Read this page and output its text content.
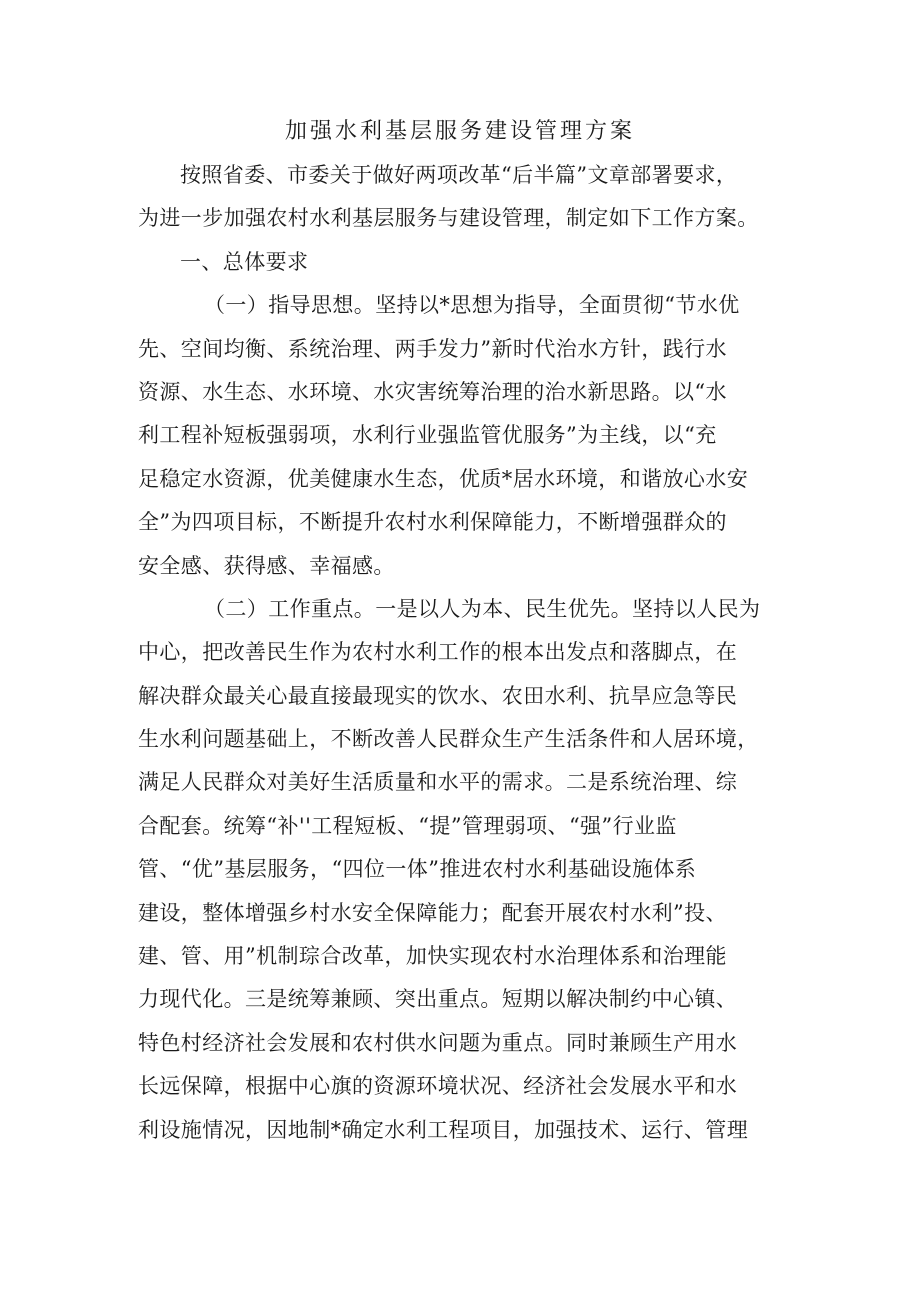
加强水利基层服务建设管理方案
按照省委、市委关于做好两项改革“后半篇”文章部署要求，
为进一步加强农村水利基层服务与建设管理，制定如下工作方案。
一、总体要求
（一）指导思想。坚持以*思想为指导，全面贯彻“节水优
先、空间均衡、系统治理、两手发力”新时代治水方针，践行水
资源、水生态、水环境、水灾害统筹治理的治水新思路。以“水
利工程补短板强弱项，水利行业强监管优服务”为主线，以“充
足稳定水资源，优美健康水生态，优质*居水环境，和谐放心水安
全”为四项目标，不断提升农村水利保障能力，不断增强群众的
安全感、获得感、幸福感。
（二）工作重点。一是以人为本、民生优先。坚持以人民为
中心，把改善民生作为农村水利工作的根本出发点和落脚点，在
解决群众最关心最直接最现实的饮水、农田水利、抗旱应急等民
生水利问题基础上，不断改善人民群众生产生活条件和人居环境，
满足人民群众对美好生活质量和水平的需求。二是系统治理、综
合配套。统筹“补''工程短板、“提”管理弱项、“强”行业监
管、“优”基层服务，“四位一体”推进农村水利基础设施体系
建设，整体增强乡村水安全保障能力；配套开展农村水利”投、
建、管、用”机制琮合改革，加快实现农村水治理体系和治理能
力现代化。三是统筹兼顾、突出重点。短期以解决制约中心镇、
特色村经济社会发展和农村供水问题为重点。同时兼顾生产用水
长远保障，根据中心旗的资源环境状况、经济社会发展水平和水
利设施情况，因地制*确定水利工程项目，加强技术、运行、管理
